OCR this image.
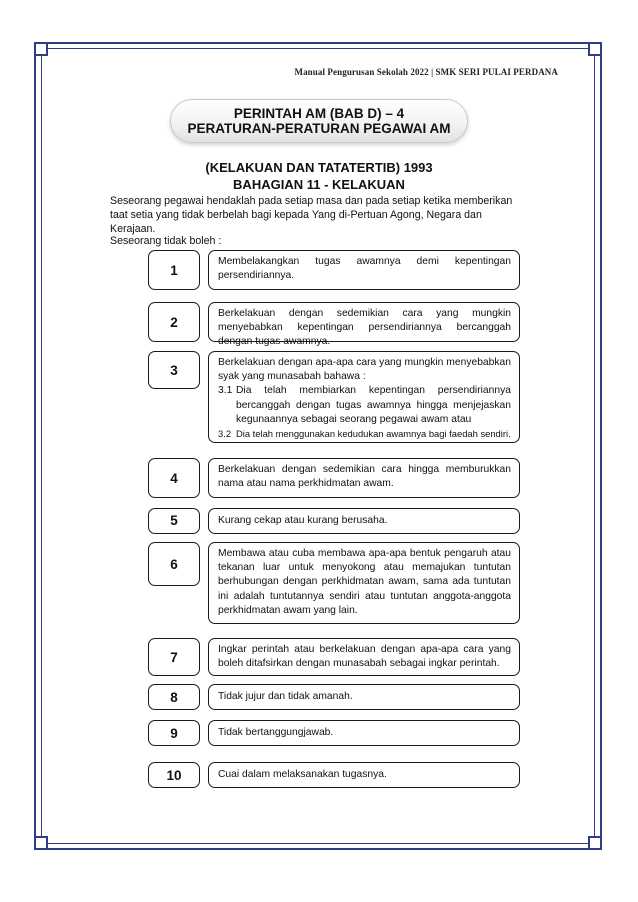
Manual Pengurusan Sekolah 2022 | SMK SERI PULAI PERDANA
PERINTAH AM (BAB D) – 4
PERATURAN-PERATURAN PEGAWAI AM
(KELAKUAN DAN TATATERTIB) 1993
BAHAGIAN 11 - KELAKUAN
Seseorang pegawai hendaklah pada setiap masa dan pada setiap ketika memberikan taat setia yang tidak berbelah bagi kepada Yang di-Pertuan Agong, Negara dan Kerajaan.
Seseorang tidak boleh :
1
Membelakangkan tugas awamnya demi kepentingan persendiriannya.
2
Berkelakuan dengan sedemikian cara yang mungkin menyebabkan kepentingan persendiriannya bercanggah dengan tugas awamnya.
3
Berkelakuan dengan apa-apa cara yang mungkin menyebabkan syak yang munasabah bahawa :
3.1 Dia telah membiarkan kepentingan persendiriannya bercanggah dengan tugas awamnya hingga menjejaskan kegunaannya sebagai seorang pegawai awam atau
3.2 Dia telah menggunakan kedudukan awamnya bagi faedah sendiri.
4
Berkelakuan dengan sedemikian cara hingga memburukkan nama atau nama perkhidmatan awam.
5	Kurang cekap atau kurang berusaha.
6
Membawa atau cuba membawa apa-apa bentuk pengaruh atau tekanan luar untuk menyokong atau memajukan tuntutan berhubungan dengan perkhidmatan awam, sama ada tuntutan ini adalah tuntutannya sendiri atau tuntutan anggota-anggota perkhidmatan awam yang lain.
7
Ingkar perintah atau berkelakuan dengan apa-apa cara yang boleh ditafsirkan dengan munasabah sebagai ingkar perintah.
8	Tidak jujur dan tidak amanah.
9	Tidak bertanggungjawab.
10	Cuai dalam melaksanakan tugasnya.
